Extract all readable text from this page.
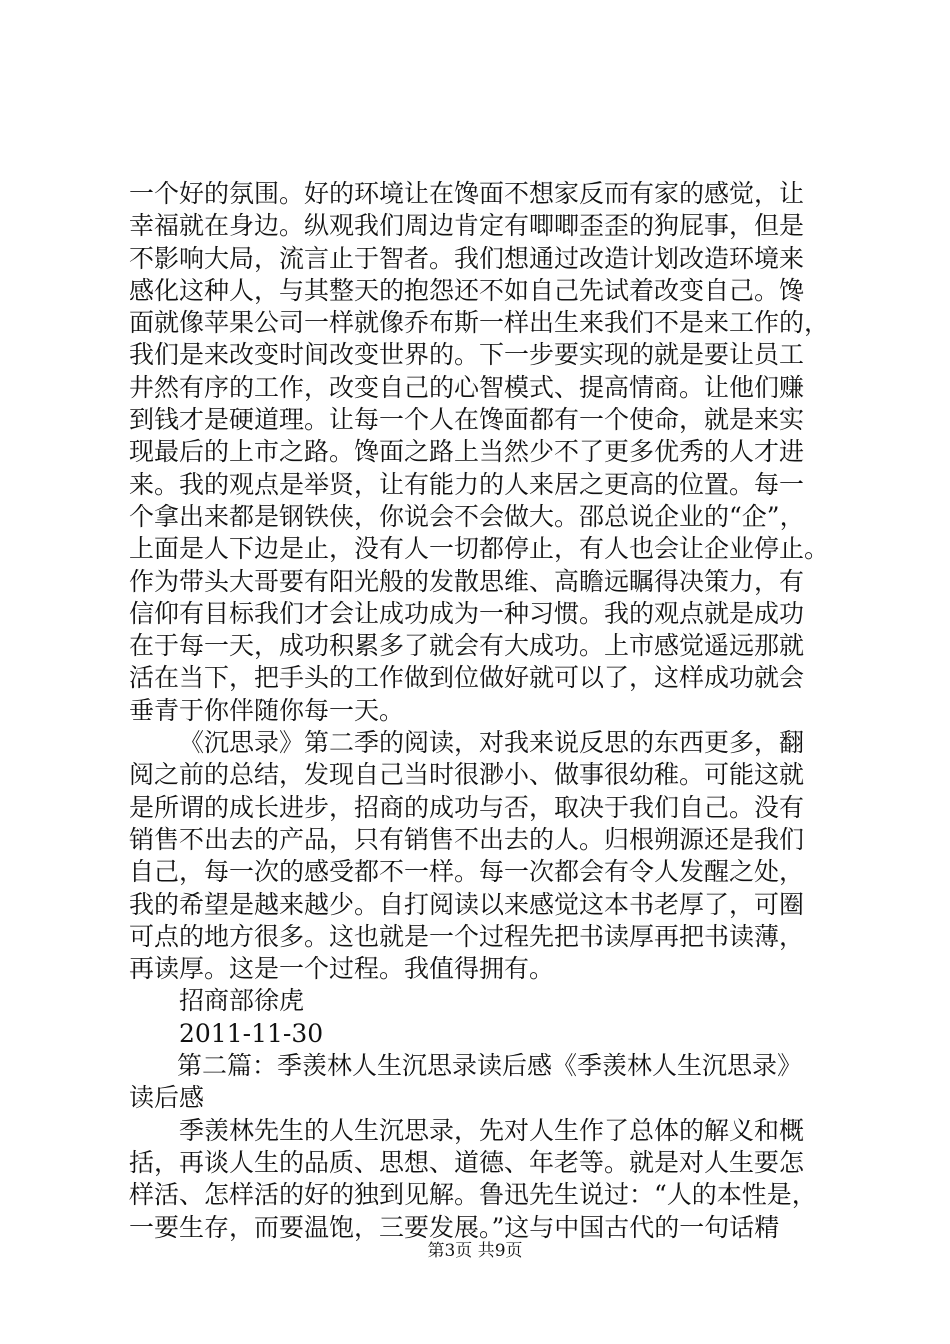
一个好的氛围。好的环境让在馋面不想家反而有家的感觉，让
幸福就在身边。纵观我们周边肯定有唧唧歪歪的狗屁事，但是
不影响大局，流言止于智者。我们想通过改造计划改造环境来
感化这种人，与其整天的抱怨还不如自己先试着改变自己。馋
面就像苹果公司一样就像乔布斯一样出生来我们不是来工作的，
我们是来改变时间改变世界的。下一步要实现的就是要让员工
井然有序的工作，改变自己的心智模式、提高情商。让他们赚
到钱才是硬道理。让每一个人在馋面都有一个使命，就是来实
现最后的上市之路。馋面之路上当然少不了更多优秀的人才进
来。我的观点是举贤，让有能力的人来居之更高的位置。每一
个拿出来都是钢铁侠，你说会不会做大。邵总说企业的“企”，
上面是人下边是止，没有人一切都停止，有人也会让企业停止。
作为带头大哥要有阳光般的发散思维、高瞻远瞩得决策力，有
信仰有目标我们才会让成功成为一种习惯。我的观点就是成功
在于每一天，成功积累多了就会有大成功。上市感觉遥远那就
活在当下，把手头的工作做到位做好就可以了，这样成功就会
垂青于你伴随你每一天。
《沉思录》第二季的阅读，对我来说反思的东西更多，翻
阅之前的总结，发现自己当时很渺小、做事很幼稚。可能这就
是所谓的成长进步，招商的成功与否，取决于我们自己。没有
销售不出去的产品，只有销售不出去的人。归根朔源还是我们
自己，每一次的感受都不一样。每一次都会有令人发醒之处，
我的希望是越来越少。自打阅读以来感觉这本书老厚了，可圈
可点的地方很多。这也就是一个过程先把书读厚再把书读薄，
再读厚。这是一个过程。我值得拥有。
招商部徐虎
2011-11-30
第二篇：季羡林人生沉思录读后感《季羡林人生沉思录》
读后感
季羡林先生的人生沉思录，先对人生作了总体的解义和概
括，再谈人生的品质、思想、道德、年老等。就是对人生要怎
样活、怎样活的好的独到见解。鲁迅先生说过：“人的本性是，
一要生存，而要温饱，三要发展。”这与中国古代的一句话精
第3页 共9页
